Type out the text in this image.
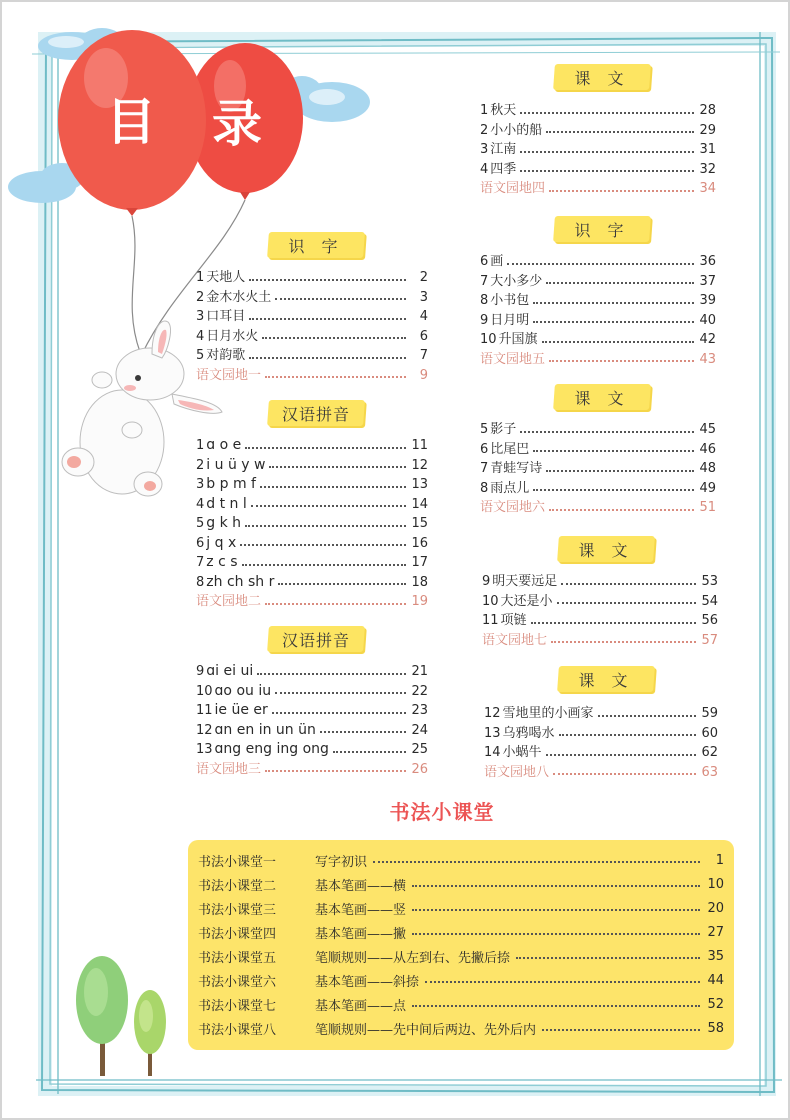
目 录
识 字
1 天地人	2
2 金木水火土	3
3 口耳目	4
4 日月水火	6
5 对韵歌	7
语文园地一	9
汉语拼音
1 ɑ o e	11
2 i u ü y w	12
3 b p m f	13
4 d t n l	14
5 g k h	15
6 j q x	16
7 z c s	17
8 zh ch sh r	18
语文园地二	19
汉语拼音
9 ɑi ei ui	21
10 ɑo ou iu	22
11 ie üe er	23
12 ɑn en in un ün	24
13 ɑng eng ing ong	25
语文园地三	26
课 文
1 秋天	28
2 小小的船	29
3 江南	31
4 四季	32
语文园地四	34
识 字
6 画	36
7 大小多少	37
8 小书包	39
9 日月明	40
10 升国旗	42
语文园地五	43
课 文
5 影子	45
6 比尾巴	46
7 青蛙写诗	48
8 雨点儿	49
语文园地六	51
课 文
9 明天要远足	53
10 大还是小	54
11 项链	56
语文园地七	57
课 文
12 雪地里的小画家	59
13 乌鸦喝水	60
14 小蜗牛	62
语文园地八	63
书法小课堂
书法小课堂一	写字初识	1
书法小课堂二	基本笔画——横	10
书法小课堂三	基本笔画——竖	20
书法小课堂四	基本笔画——撇	27
书法小课堂五	笔顺规则——从左到右、先撇后捺	35
书法小课堂六	基本笔画——斜捺	44
书法小课堂七	基本笔画——点	52
书法小课堂八	笔顺规则——先中间后两边、先外后内	58
